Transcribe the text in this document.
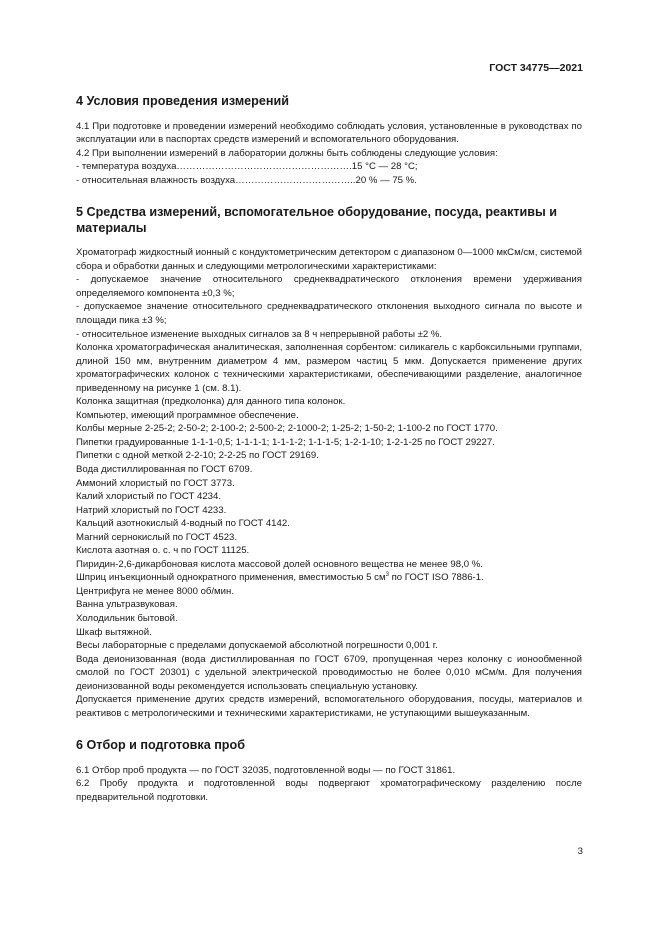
ГОСТ 34775—2021
4 Условия проведения измерений

4.1 При подготовке и проведении измерений необходимо соблюдать условия, установленные в руководствах по эксплуатации или в паспортах средств измерений и вспомогательного оборудования.

4.2 При выполнении измерений в лаборатории должны быть соблюдены следующие условия:

- температура воздуха……………………………………………….15 °С — 28 °С;

- относительная влажность воздуха………………………………..20 % — 75 %.

5 Средства измерений, вспомогательное оборудование, посуда, реактивы и материалы

Хроматограф жидкостный ионный с кондуктометрическим детектором с диапазоном 0—1000 мкСм/см, системой сбора и обработки данных и следующими метрологическими характеристиками:

- допускаемое значение относительного среднеквадратического отклонения времени удерживания определяемого компонента ±0,3 %;

- допускаемое значение относительного среднеквадратического отклонения выходного сигнала по высоте и площади пика ±3 %;

- относительное изменение выходных сигналов за 8 ч непрерывной работы ±2 %.

Колонка хроматографическая аналитическая, заполненная сорбентом: силикагель с карбоксильными группами, длиной 150 мм, внутренним диаметром 4 мм, размером частиц 5 мкм. Допускается применение других хроматографических колонок с техническими характеристиками, обеспечивающими разделение, аналогичное приведенному на рисунке 1 (см. 8.1).

Колонка защитная (предколонка) для данного типа колонок.

Компьютер, имеющий программное обеспечение.

Колбы мерные 2-25-2; 2-50-2; 2-100-2; 2-500-2; 2-1000-2; 1-25-2; 1-50-2; 1-100-2 по ГОСТ 1770.

Пипетки градуированные 1-1-1-0,5; 1-1-1-1; 1-1-1-2; 1-1-1-5; 1-2-1-10; 1-2-1-25 по ГОСТ 29227.

Пипетки с одной меткой 2-2-10; 2-2-25 по ГОСТ 29169.

Вода дистиллированная по ГОСТ 6709.

Аммоний хлористый по ГОСТ 3773.

Калий хлористый по ГОСТ 4234.

Натрий хлористый по ГОСТ 4233.

Кальций азотнокислый 4-водный по ГОСТ 4142.

Магний сернокислый по ГОСТ 4523.

Кислота азотная о. с. ч по ГОСТ 11125.

Пиридин-2,6-дикарбоновая кислота массовой долей основного вещества не менее 98,0 %.

Шприц инъекционный однократного применения, вместимостью 5 $см^3$ по ГОСТ ISO 7886-1.

Центрифуга не менее 8000 об/мин.

Ванна ультразвуковая.

Холодильник бытовой.

Шкаф вытяжной.

Весы лабораторные с пределами допускаемой абсолютной погрешности 0,001 г.

Вода деионизованная (вода дистиллированная по ГОСТ 6709, пропущенная через колонку с ионообменной смолой по ГОСТ 20301) с удельной электрической проводимостью не более 0,010 мСм/м. Для получения деионизованной воды рекомендуется использовать специальную установку.

Допускается применение других средств измерений, вспомогательного оборудования, посуды, материалов и реактивов с метрологическими и техническими характеристиками, не уступающими вышеуказанным.

6 Отбор и подготовка проб

6.1 Отбор проб продукта — по ГОСТ 32035, подготовленной воды — по ГОСТ 31861.

6.2 Пробу продукта и подготовленной воды подвергают хроматографическому разделению после предварительной подготовки.

3
